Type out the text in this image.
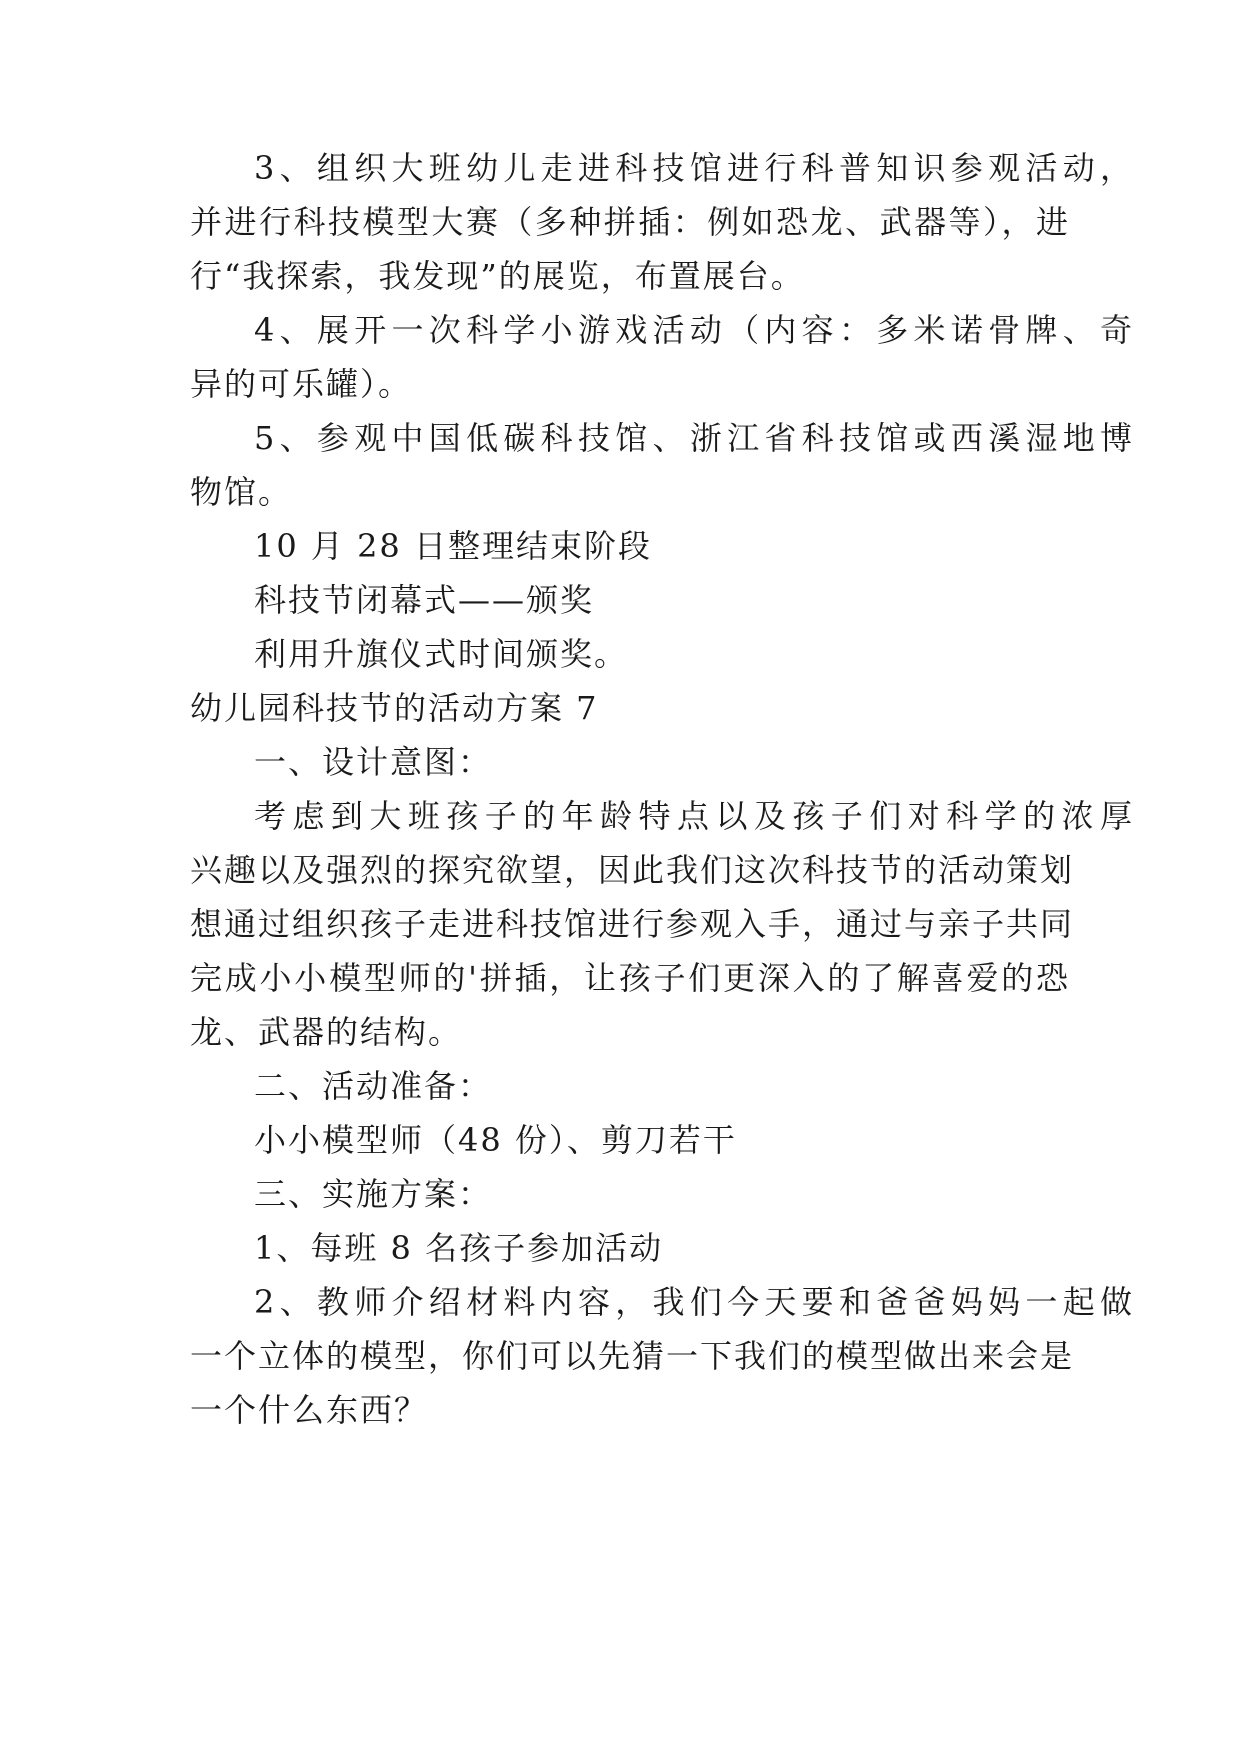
3、组织大班幼儿走进科技馆进行科普知识参观活动，
并进行科技模型大赛（多种拼插：例如恐龙、武器等），进
行“我探索，我发现”的展览，布置展台。
4、展开一次科学小游戏活动（内容：多米诺骨牌、奇
异的可乐罐）。
5、参观中国低碳科技馆、浙江省科技馆或西溪湿地博
物馆。
10 月 28 日整理结束阶段
科技节闭幕式——颁奖
利用升旗仪式时间颁奖。
幼儿园科技节的活动方案 7
一、设计意图：
考虑到大班孩子的年龄特点以及孩子们对科学的浓厚
兴趣以及强烈的探究欲望，因此我们这次科技节的活动策划
想通过组织孩子走进科技馆进行参观入手，通过与亲子共同
完成小小模型师的'拼插，让孩子们更深入的了解喜爱的恐
龙、武器的结构。
二、活动准备：
小小模型师（48 份）、剪刀若干
三、实施方案：
1、每班 8 名孩子参加活动
2、教师介绍材料内容，我们今天要和爸爸妈妈一起做
一个立体的模型，你们可以先猜一下我们的模型做出来会是
一个什么东西？
